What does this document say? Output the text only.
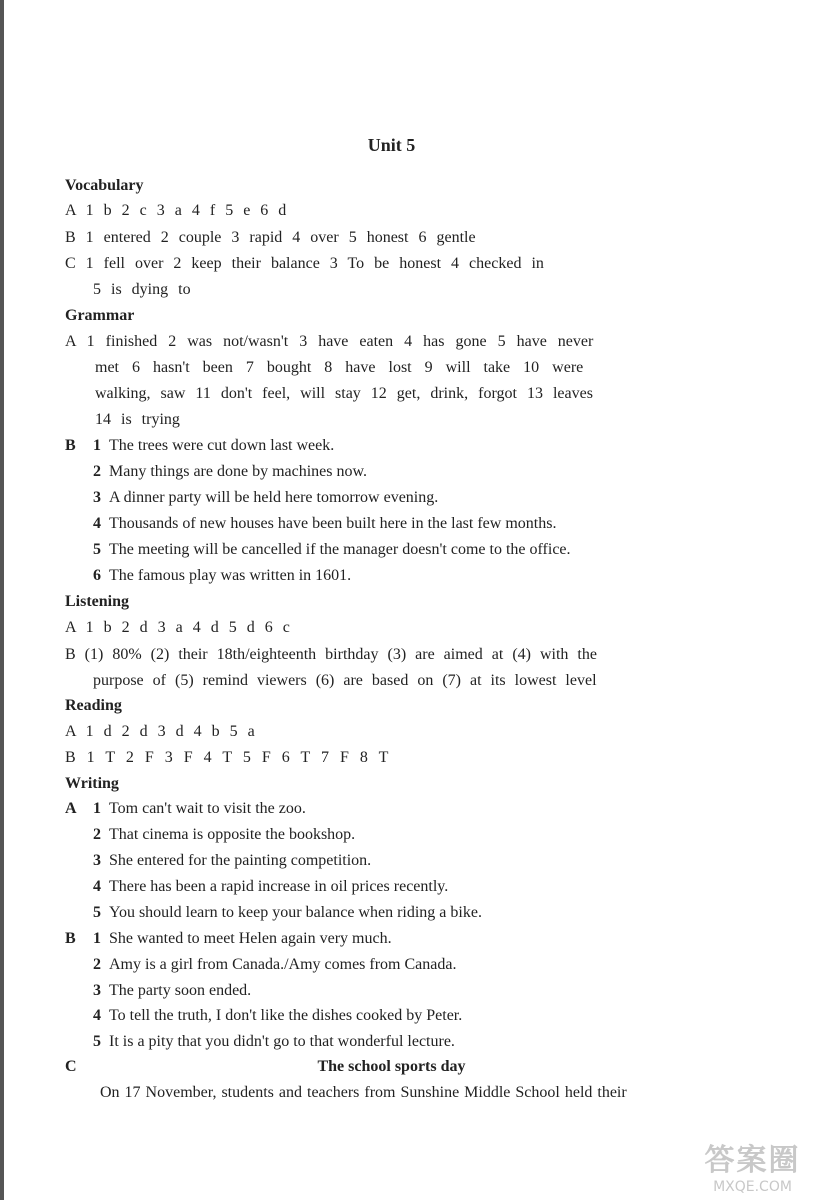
Unit 5
Vocabulary
A 1 b 2 c 3 a 4 f 5 e 6 d
B 1 entered 2 couple 3 rapid 4 over 5 honest 6 gentle
C 1 fell over 2 keep their balance 3 To be honest 4 checked in
5 is dying to
Grammar
A 1 finished 2 was not/wasn't 3 have eaten 4 has gone 5 have never
met 6 hasn't been 7 bought 8 have lost 9 will take 10 were
walking, saw 11 don't feel, will stay 12 get, drink, forgot 13 leaves
14 is trying
B 1 The trees were cut down last week.
2 Many things are done by machines now.
3 A dinner party will be held here tomorrow evening.
4 Thousands of new houses have been built here in the last few months.
5 The meeting will be cancelled if the manager doesn't come to the office.
6 The famous play was written in 1601.
Listening
A 1 b 2 d 3 a 4 d 5 d 6 c
B (1) 80% (2) their 18th/eighteenth birthday (3) are aimed at (4) with the
purpose of (5) remind viewers (6) are based on (7) at its lowest level
Reading
A 1 d 2 d 3 d 4 b 5 a
B 1 T 2 F 3 F 4 T 5 F 6 T 7 F 8 T
Writing
A 1 Tom can't wait to visit the zoo.
2 That cinema is opposite the bookshop.
3 She entered for the painting competition.
4 There has been a rapid increase in oil prices recently.
5 You should learn to keep your balance when riding a bike.
B 1 She wanted to meet Helen again very much.
2 Amy is a girl from Canada./Amy comes from Canada.
3 The party soon ended.
4 To tell the truth, I don't like the dishes cooked by Peter.
5 It is a pity that you didn't go to that wonderful lecture.
C	The school sports day
On 17 November, students and teachers from Sunshine Middle School held their
答案圈
MXQE.COM
